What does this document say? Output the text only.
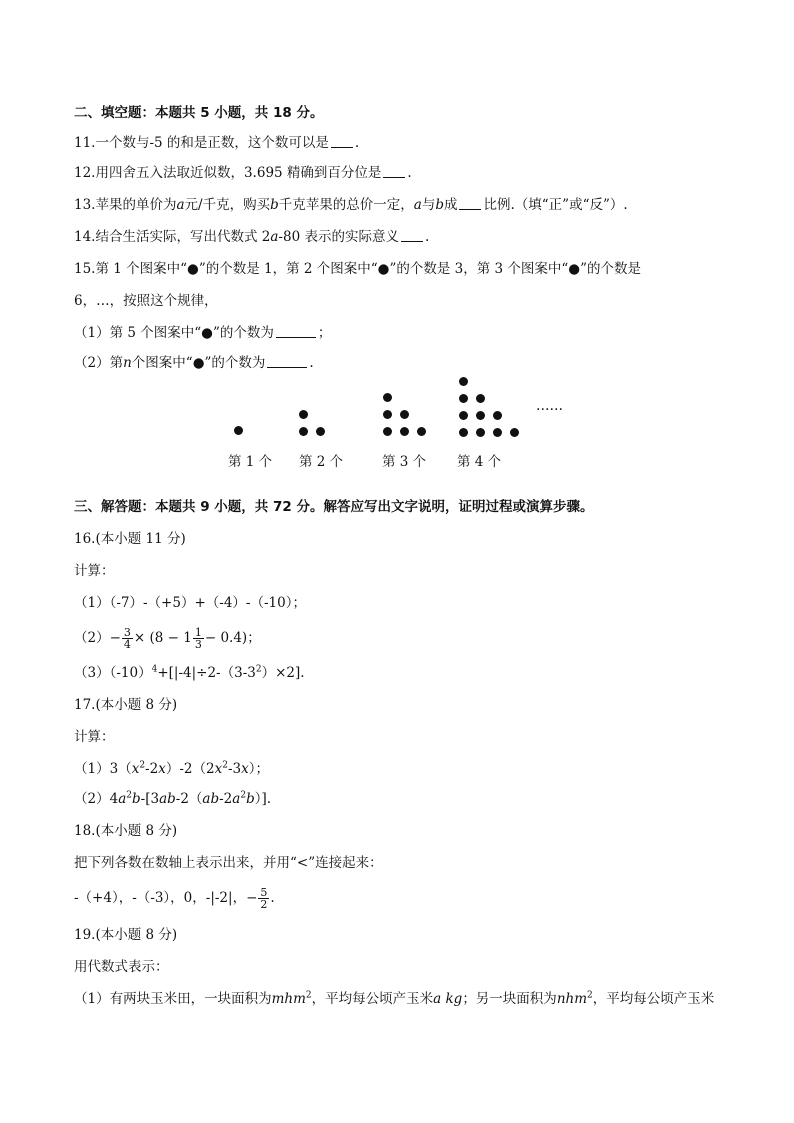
二、填空题：本题共 5 小题，共 18 分。
11.一个数与-5 的和是正数，这个数可以是 .
12.用四舍五入法取近似数，3.695 精确到百分位是 .
13.苹果的单价为a元/千克，购买b千克苹果的总价一定，a与b成 比例.（填“正”或“反”）.
14.结合生活实际，写出代数式 2a-80 表示的实际意义 .
15.第 1 个图案中“●”的个数是 1，第 2 个图案中“●”的个数是 3，第 3 个图案中“●”的个数是
6，…，按照这个规律，
（1）第 5 个图案中“●”的个数为	；
（2）第n个图案中“●”的个数为	.
……
第 1 个 第 2 个	第 3 个 第 4 个
三、解答题：本题共 9 小题，共 72 分。解答应写出文字说明，证明过程或演算步骤。
16.(本小题 11 分)
计算：
（1）（-7）-（+5）+（-4）-（-10）；
$(2)- \frac{3}{4} \times (8 - 1 \frac{1}{3} - 0.4)$；
$(3)(-10)^4+[|-4|\div 2-(3-3^2)\times 2]$.
17.(本小题 8 分)
计算：
$(1)3(x^2-2x)-2(2x^2-3x)$；
$(2)4a^2b-[3ab-2(ab-2a^2b)]$.
18.(本小题 8 分)
把下列各数在数轴上表示出来，并用“<”连接起来：
-（+4），-（-3），0，-|-2|，− $\frac{5}{2}$ .
19.(本小题 8 分)
用代数式表示：
（1）有两块玉米田，一块面积为mhm$^2$，平均每公顷产玉米a kg；另一块面积为nhm$^2$，平均每公顷产玉米
